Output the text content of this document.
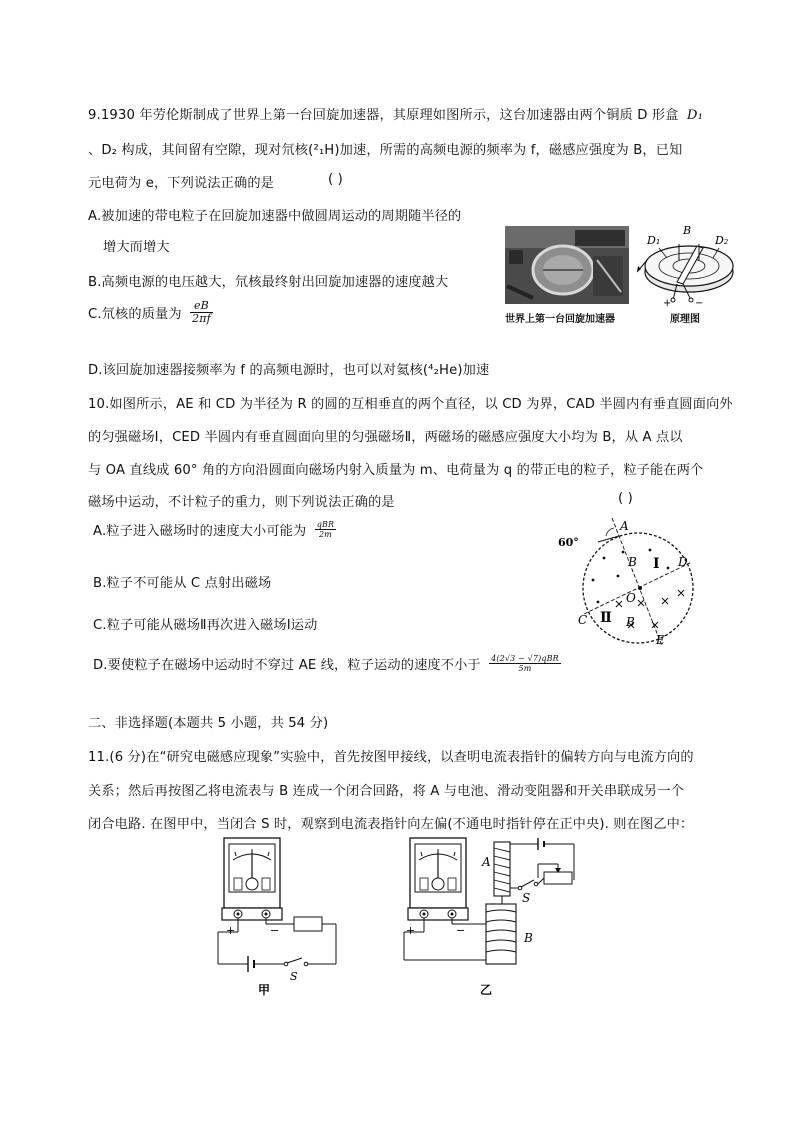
9.1930 年劳伦斯制成了世界上第一台回旋加速器，其原理如图所示，这台加速器由两个铜质 D 形盒 D₁
、D₂ 构成，其间留有空隙，现对氘核(²₁H)加速，所需的高频电源的频率为 f，磁感应强度为 B，已知
元电荷为 e，下列说法正确的是	( )
A.被加速的带电粒子在回旋加速器中做圆周运动的周期随半径的
增大而增大
B.高频电源的电压越大，氘核最终射出回旋加速器的速度越大
C.氘核的质量为 $\frac{eB}{2\pi f}$
D.该回旋加速器接频率为 f 的高频电源时，也可以对氦核(⁴₂He)加速
世界上第一台回旋加速器
D₁
B
D₂
+ −
原理图
10.如图所示，AE 和 CD 为半径为 R 的圆的互相垂直的两个直径，以 CD 为界，CAD 半圆内有垂直圆面向外
的匀强磁场Ⅰ，CED 半圆内有垂直圆面向里的匀强磁场Ⅱ，两磁场的磁感应强度大小均为 B，从 A 点以
与 OA 直线成 60° 角的方向沿圆面向磁场内射入质量为 m、电荷量为 q 的带正电的粒子，粒子能在两个
磁场中运动，不计粒子的重力，则下列说法正确的是	( )
A.粒子进入磁场时的速度大小可能为 $\frac{\text{qBR}}{2m}$
B.粒子不可能从 C 点射出磁场
C.粒子可能从磁场Ⅱ再次进入磁场Ⅰ运动
D.要使粒子在磁场中运动时不穿过 AE 线，粒子运动的速度不小于 $\frac{\text{4(2√3 − √7)qBR}}{5m}$
60°
A
B Ⅰ D
O
C Ⅱ B
E
二、非选择题(本题共 5 小题，共 54 分)
11.(6 分)在“研究电磁感应现象”实验中，首先按图甲接线，以查明电流表指针的偏转方向与电流方向的
关系；然后再按图乙将电流表与 B 连成一个闭合回路，将 A 与电池、滑动变阻器和开关串联成另一个
闭合电路. 在图甲中，当闭合 S 时，观察到电流表指针向左偏(不通电时指针停在正中央). 则在图乙中：
+	−
S
甲
+	−
A
S
B
乙
